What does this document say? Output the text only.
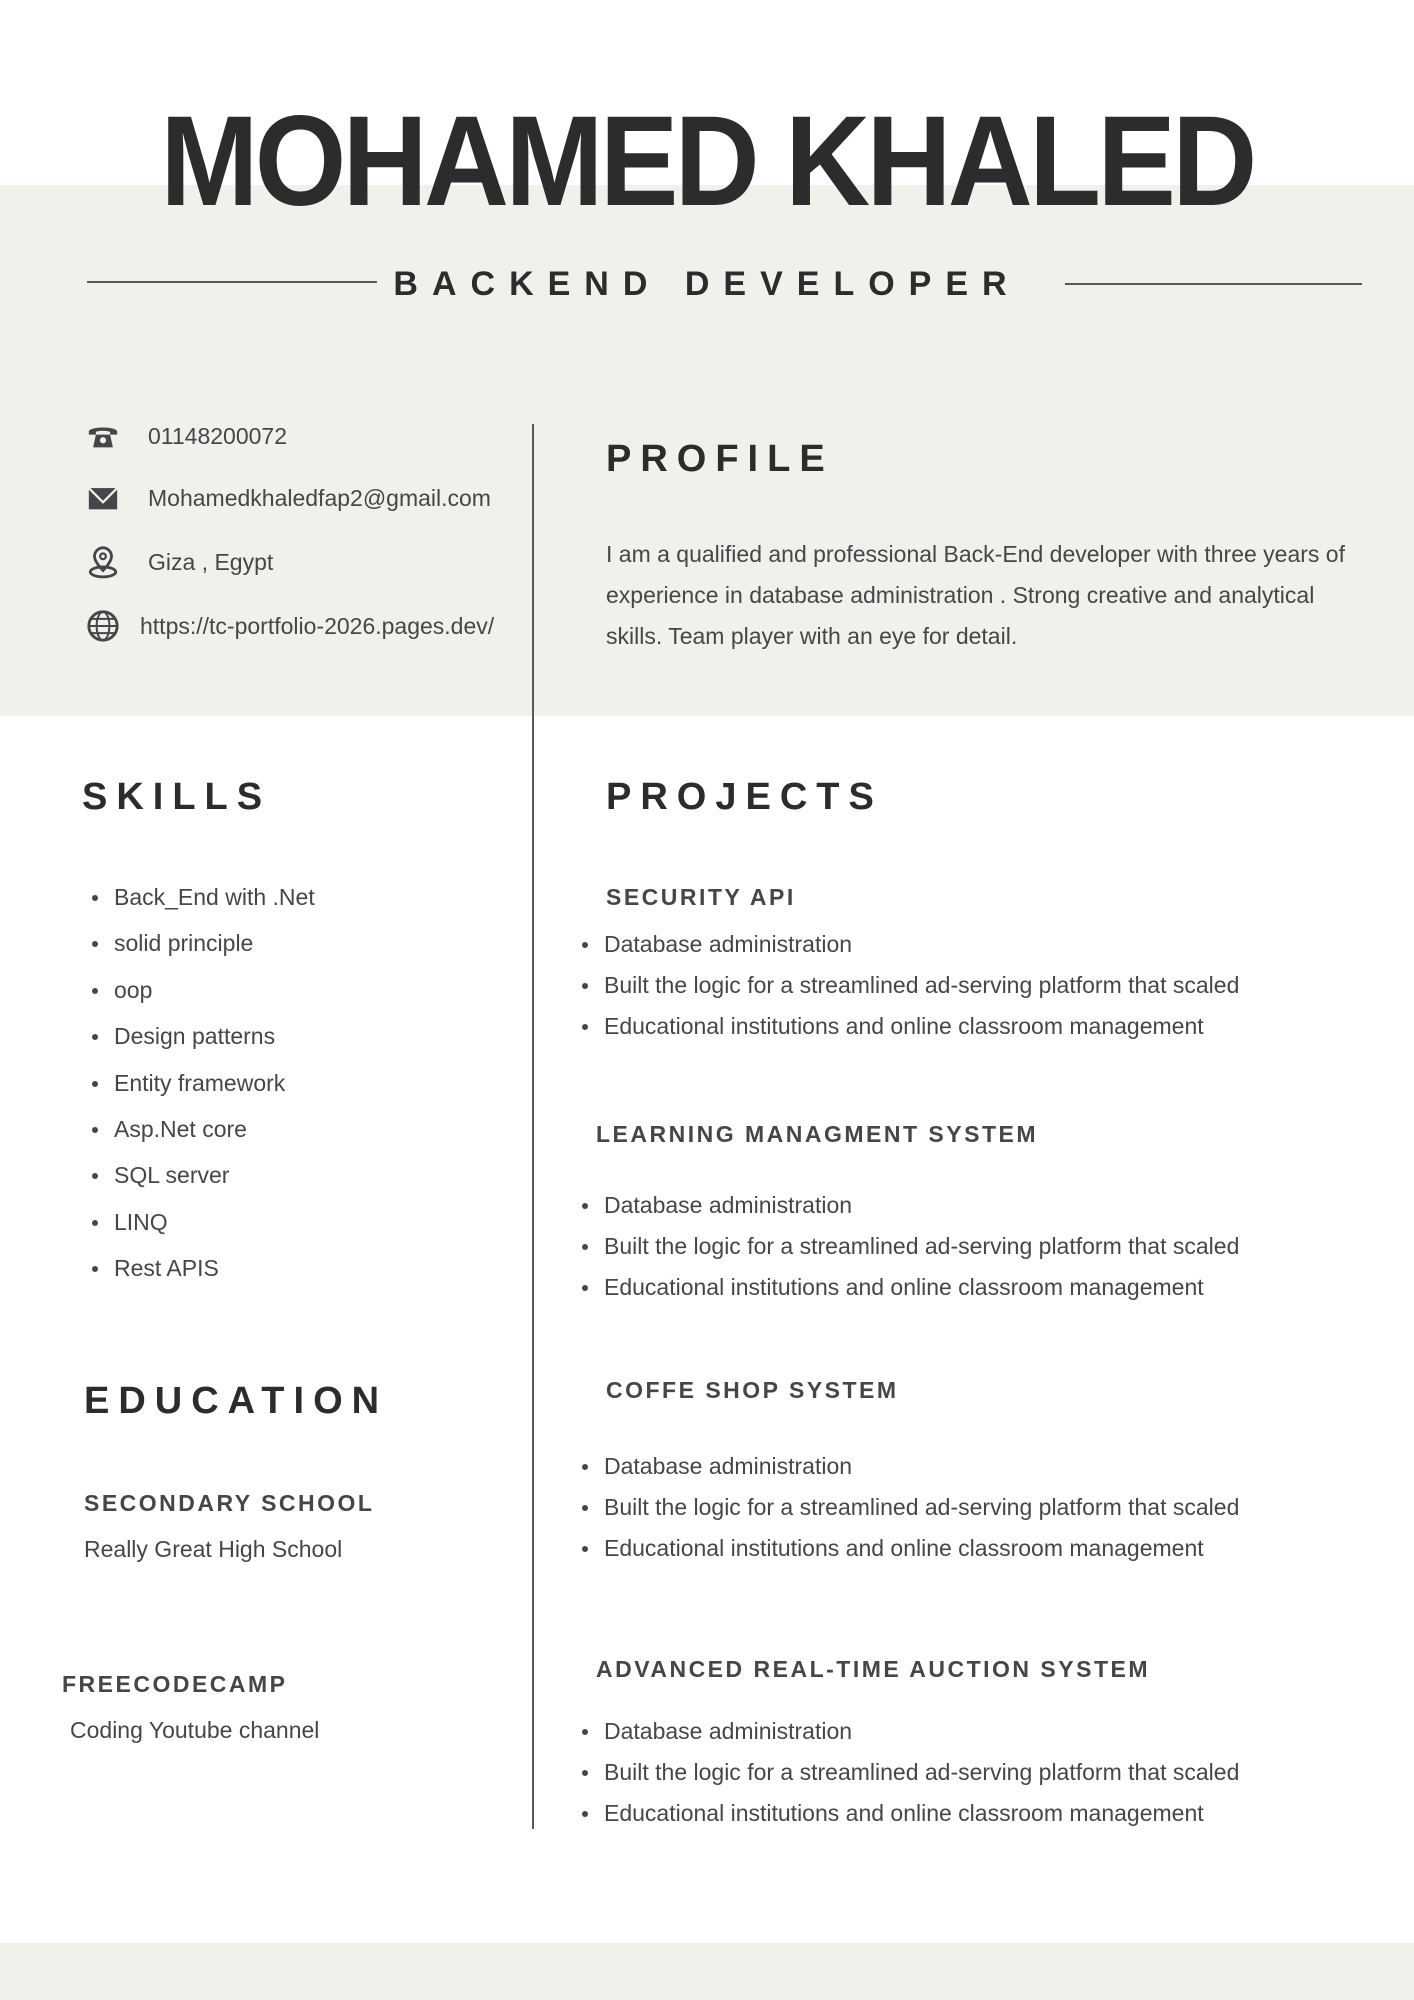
MOHAMED KHALED
BACKEND DEVELOPER
01148200072
Mohamedkhaledfap2@gmail.com
Giza , Egypt
https://tc-portfolio-2026.pages.dev/
PROFILE
I am a qualified and professional Back-End developer with three years of experience in database administration . Strong creative and analytical skills. Team player with an eye for detail.
SKILLS
Back_End with .Net
solid principle
oop
Design patterns
Entity framework
Asp.Net core
SQL server
LINQ
Rest APIS
EDUCATION
SECONDARY SCHOOL
Really Great High School
FREECODECAMP
Coding Youtube channel
PROJECTS
SECURITY API
Database administration
Built the logic for a streamlined ad-serving platform that scaled
Educational institutions and online classroom management
LEARNING MANAGMENT SYSTEM
Database administration
Built the logic for a streamlined ad-serving platform that scaled
Educational institutions and online classroom management
COFFE SHOP SYSTEM
Database administration
Built the logic for a streamlined ad-serving platform that scaled
Educational institutions and online classroom management
ADVANCED REAL-TIME AUCTION SYSTEM
Database administration
Built the logic for a streamlined ad-serving platform that scaled
Educational institutions and online classroom management
